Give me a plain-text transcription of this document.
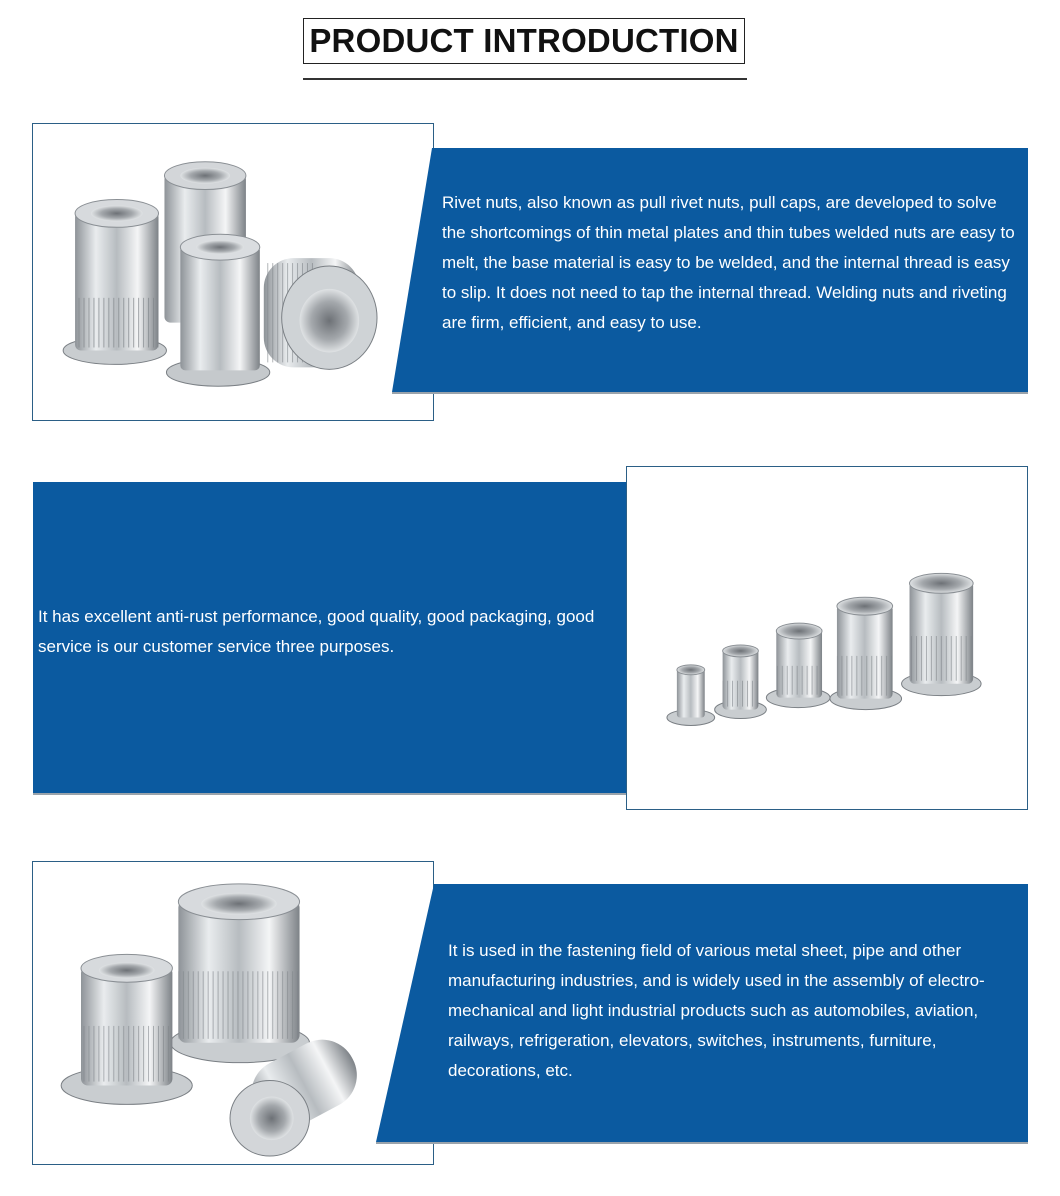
PRODUCT INTRODUCTION

Rivet nuts, also known as pull rivet nuts, pull caps, are developed to solve the shortcomings of thin metal plates and thin tubes welded nuts are easy to melt, the base material is easy to be welded, and the internal thread is easy to slip. It does not need to tap the internal thread. Welding nuts and riveting are firm, efficient, and easy to use.

It has excellent anti-rust performance, good quality, good packaging, good service is our customer service three purposes.

It is used in the fastening field of various metal sheet, pipe and other manufacturing industries, and is widely used in the assembly of electro-mechanical and light industrial products such as automobiles, aviation, railways, refrigeration, elevators, switches, instruments, furniture, decorations, etc.
